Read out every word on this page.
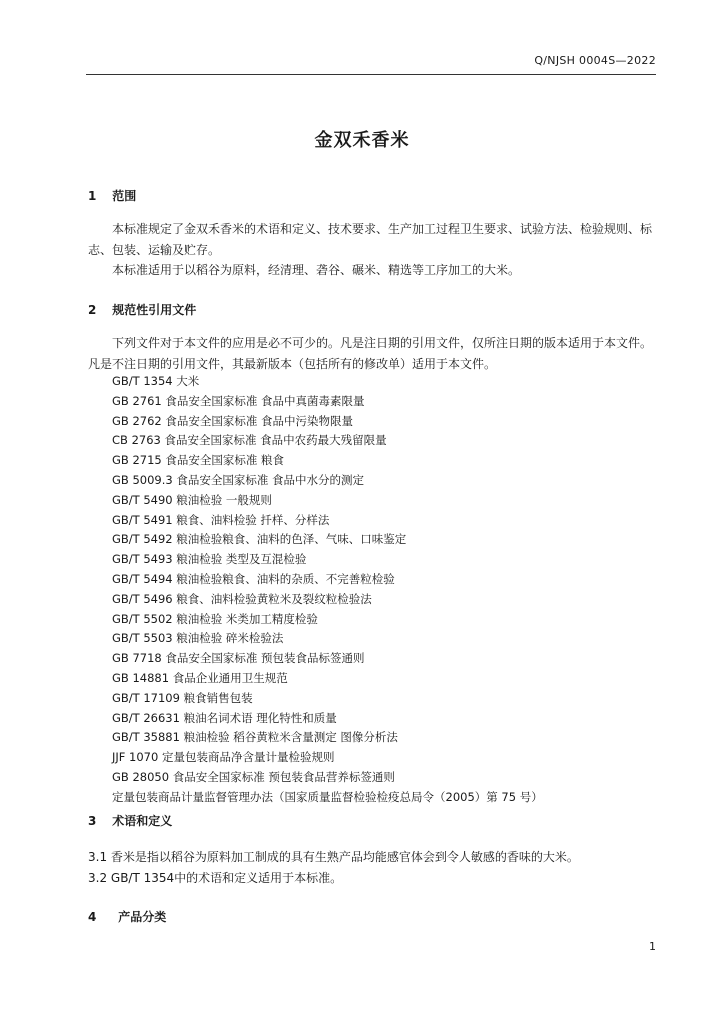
Q/NJSH 0004S—2022
金双禾香米
1 范围

本标准规定了金双禾香米的术语和定义、技术要求、生产加工过程卫生要求、试验方法、检验规则、标志、包装、运输及贮存。

本标准适用于以稻谷为原料，经清理、砻谷、碾米、精选等工序加工的大米。

2 规范性引用文件

下列文件对于本文件的应用是必不可少的。凡是注日期的引用文件，仅所注日期的版本适用于本文件。凡是不注日期的引用文件，其最新版本（包括所有的修改单）适用于本文件。

GB/T 1354 大米
GB 2761 食品安全国家标准 食品中真菌毒素限量
GB 2762 食品安全国家标准 食品中污染物限量
CB 2763 食品安全国家标准 食品中农药最大残留限量
GB 2715 食品安全国家标准 粮食
GB 5009.3 食品安全国家标准 食品中水分的测定
GB/T 5490 粮油检验 一般规则
GB/T 5491 粮食、油料检验 扦样、分样法
GB/T 5492 粮油检验粮食、油料的色泽、气味、口味鉴定
GB/T 5493 粮油检验 类型及互混检验
GB/T 5494 粮油检验粮食、油料的杂质、不完善粒检验
GB/T 5496 粮食、油料检验黄粒米及裂纹粒检验法
GB/T 5502 粮油检验 米类加工精度检验
GB/T 5503 粮油检验 碎米检验法
GB 7718 食品安全国家标准 预包装食品标签通则
GB 14881 食品企业通用卫生规范
GB/T 17109 粮食销售包装
GB/T 26631 粮油名词术语 理化特性和质量
GB/T 35881 粮油检验 稻谷黄粒米含量测定 图像分析法
JJF 1070 定量包装商品净含量计量检验规则
GB 28050 食品安全国家标准 预包装食品营养标签通则
定量包装商品计量监督管理办法（国家质量监督检验检疫总局令（2005）第 75 号）
3 术语和定义
3.1 香米是指以稻谷为原料加工制成的具有生熟产品均能感官体会到令人敏感的香味的大米。
3.2 GB/T 1354中的术语和定义适用于本标准。
4 产品分类
1
